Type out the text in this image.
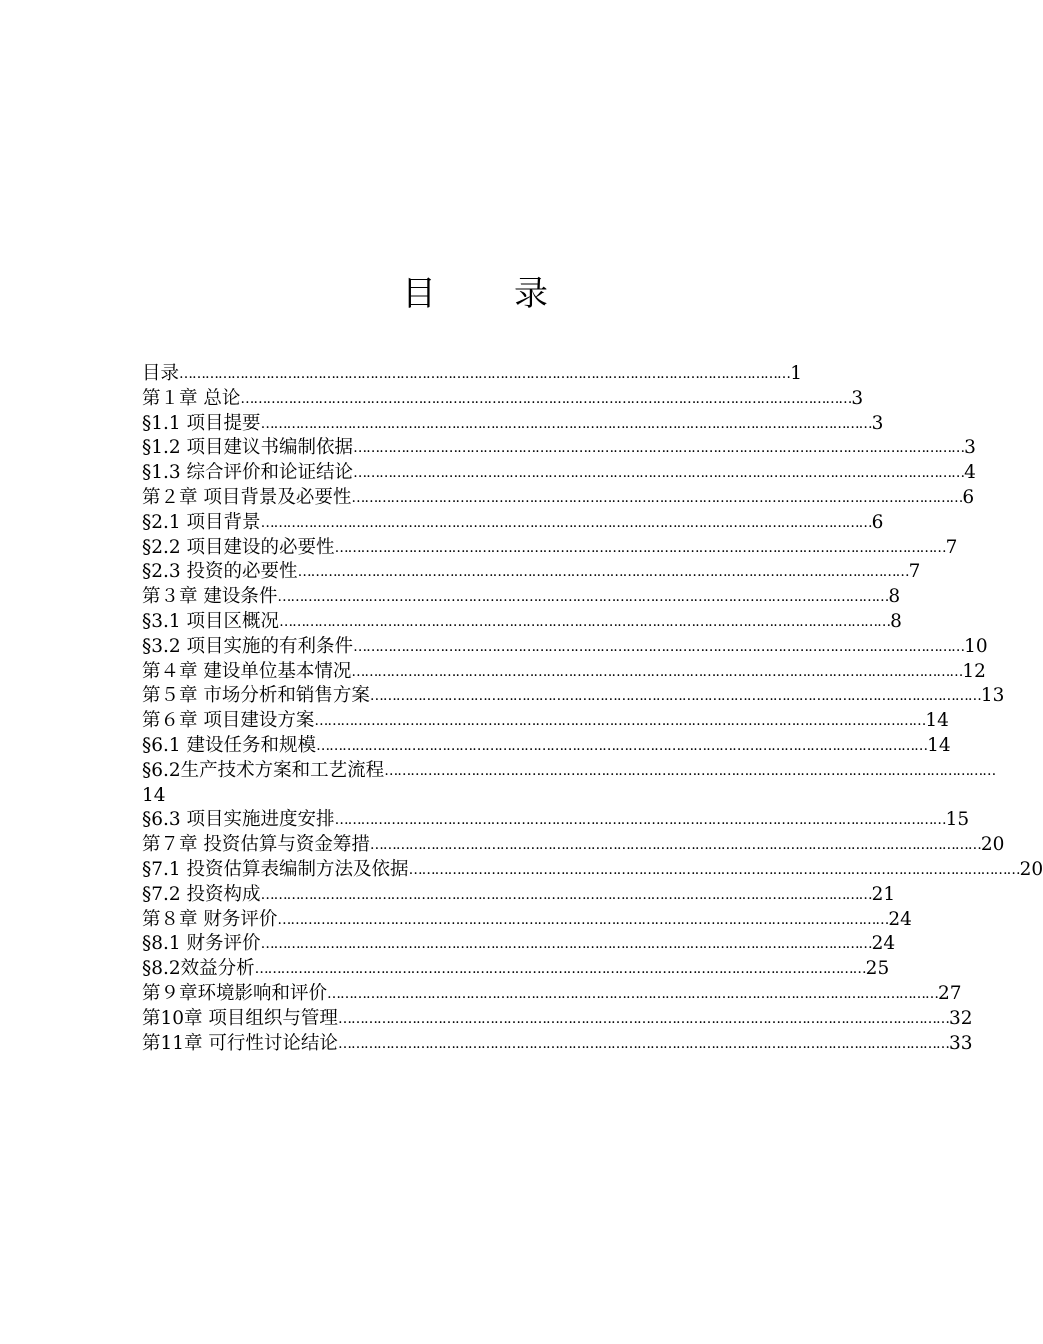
目 录
目录 …………………………………………………………………………………………………………………………… 1
第１章 总论 …………………………………………………………………………………………………………………………… 3
§1.1 项目提要 …………………………………………………………………………………………………………………………… 3
§1.2 项目建议书编制依据 …………………………………………………………………………………………………………………………… 3
§1.3 综合评价和论证结论 …………………………………………………………………………………………………………………………… 4
第２章 项目背景及必要性 …………………………………………………………………………………………………………………………… 6
§2.1 项目背景 …………………………………………………………………………………………………………………………… 6
§2.2 项目建设的必要性 …………………………………………………………………………………………………………………………… 7
§2.3 投资的必要性 …………………………………………………………………………………………………………………………… 7
第３章 建设条件 …………………………………………………………………………………………………………………………… 8
§3.1 项目区概况 …………………………………………………………………………………………………………………………… 8
§3.2 项目实施的有利条件 …………………………………………………………………………………………………………………………… 10
第４章 建设单位基本情况 …………………………………………………………………………………………………………………………… 12
第５章 市场分析和销售方案 …………………………………………………………………………………………………………………………… 13
第６章 项目建设方案 …………………………………………………………………………………………………………………………… 14
§6.1 建设任务和规模 …………………………………………………………………………………………………………………………… 14
§6.2生产技术方案和工艺流程 ……………………………………………………………………………………………………………………………
14
§6.3 项目实施进度安排 …………………………………………………………………………………………………………………………… 15
第７章 投资估算与资金筹措 …………………………………………………………………………………………………………………………… 20
§7.1 投资估算表编制方法及依据 …………………………………………………………………………………………………………………………… 20
§7.2 投资构成 …………………………………………………………………………………………………………………………… 21
第８章 财务评价 …………………………………………………………………………………………………………………………… 24
§8.1 财务评价 …………………………………………………………………………………………………………………………… 24
§8.2效益分析 …………………………………………………………………………………………………………………………… 25
第９章环境影响和评价 …………………………………………………………………………………………………………………………… 27
第10章 项目组织与管理 …………………………………………………………………………………………………………………………… 32
第11章 可行性讨论结论 …………………………………………………………………………………………………………………………… 33
